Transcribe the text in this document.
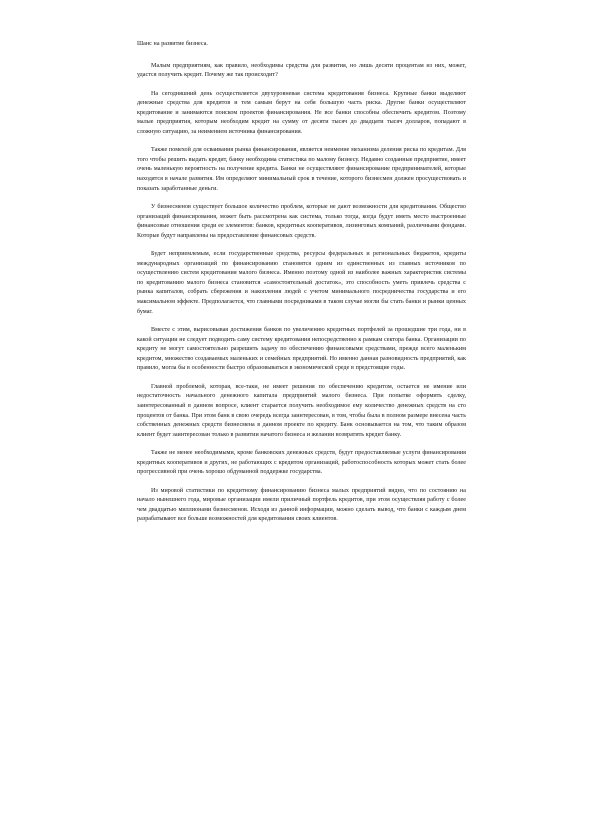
Шанс на развитие бизнеса.

Малым предприятиям, как правило, необходимы средства для развития, но лишь десяти процентам из них, может, удастся получить кредит. Почему же так происходит?

На сегодняшний день осуществляется двухуровневая система кредитования бизнеса. Крупные банки выделяют денежные средства для кредитов и тем самым берут на себя большую часть риска. Другие банки осуществляют кредитование и занимаются поиском проектов финансирования. Не все банки способны обеспечить кредитом. Поэтому малые предприятия, которым необходим кредит на сумму от десяти тысяч до двадцати тысяч долларов, попадают в сложную ситуацию, за неимением источника финансирования.

Также помехой для осваивания рынка финансирования, является неимение механизма деления риска по кредитам. Для того чтобы решить выдать кредит, банку необходима статистика по малому бизнесу. Недавно созданные предприятие, имеет очень маленькую вероятность на получение кредита. Банки не осуществляют финансирование предпринимателей, которые находятся в начале развития. Им определяют минимальный срок в течение, которого бизнесмен должен просуществовать и показать заработанные деньги.

У бизнесменов существует большое количество проблем, которые не дают возможности для кредитования. Общество организаций финансирования, может быть рассмотрена как система, только тогда, когда будут иметь место выстроенные финансовые отношения среди ее элементов: банков, кредитных кооперативов, лизинговых компаний, различными фондами. Которые будут направлены на предоставление финансовых средств.

Будет неприемлемым, если государственные средства, ресурсы федеральных и региональных бюджетов, кредиты международных организаций по финансированию становятся одним из единственных из главных источников по осуществлению систем кредитования малого бизнеса. Именно поэтому одной из наиболее важных характеристик системы по кредитованию малого бизнеса становится «самостоятельный достаток», это способность уметь привлечь средства с рынка капиталов, собрать сбережения и накопления людей с учетом минимального посредничества государства и его максимальном эффекте. Предполагается, что главными посредниками в таком случае могли бы стать банки и рынки ценных бумаг.

Вместе с этим, вырисовывая достижения банков по увеличению кредитных портфелей за прошедшие три года, ни в какой ситуации не следует подводить саму систему кредитования непосредственно к рамкам сектора банка. Организации по кредиту не могут самостоятельно разрешить задачу по обеспечению финансовыми средствами, прежде всего маленьким кредитом, множество создаваемых маленьких и семейных предприятий. Но именно данная разновидность предприятий, как правило, могла бы в особенности быстро образовываться в экономической среде в предстоящие годы.

Главной проблемой, которая, все-таки, не имеет решения по обеспечению кредитом, остается не имение или недостаточность начального денежного капитала предприятий малого бизнеса. При попытке оформить сделку, заинтересованный в данном вопросе, клиент старается получить необходимое ему количество денежных средств на сто процентов от банка. При этом банк в свою очередь всегда заинтересован, в том, чтобы была в полном размере внесена часть собственных денежных средств бизнесмена в данном проекте по кредиту. Банк основывается на том, что таким образом клиент будет заинтересован только в развитии начатого бизнеса и желании возвратить кредит банку.

Также не менее необходимыми, кроме банковских денежных средств, будут предоставляемые услуги финансирования кредитных кооперативов и других, не работающих с кредитом организаций, работоспособность которых может стать более прогрессивной при очень хорошо обдуманной поддержке государства.

Из мировой статистики по кредитному финансированию бизнеса малых предприятий видно, что по состоянию на начало нынешнего года, мировые организации имели приличный портфель кредитов, при этом осуществляя работу с более чем двадцатью миллионами бизнесменов. Исходя из данной информации, можно сделать вывод, что банки с каждым днем разрабатывают все больше возможностей для кредитования своих клиентов.
